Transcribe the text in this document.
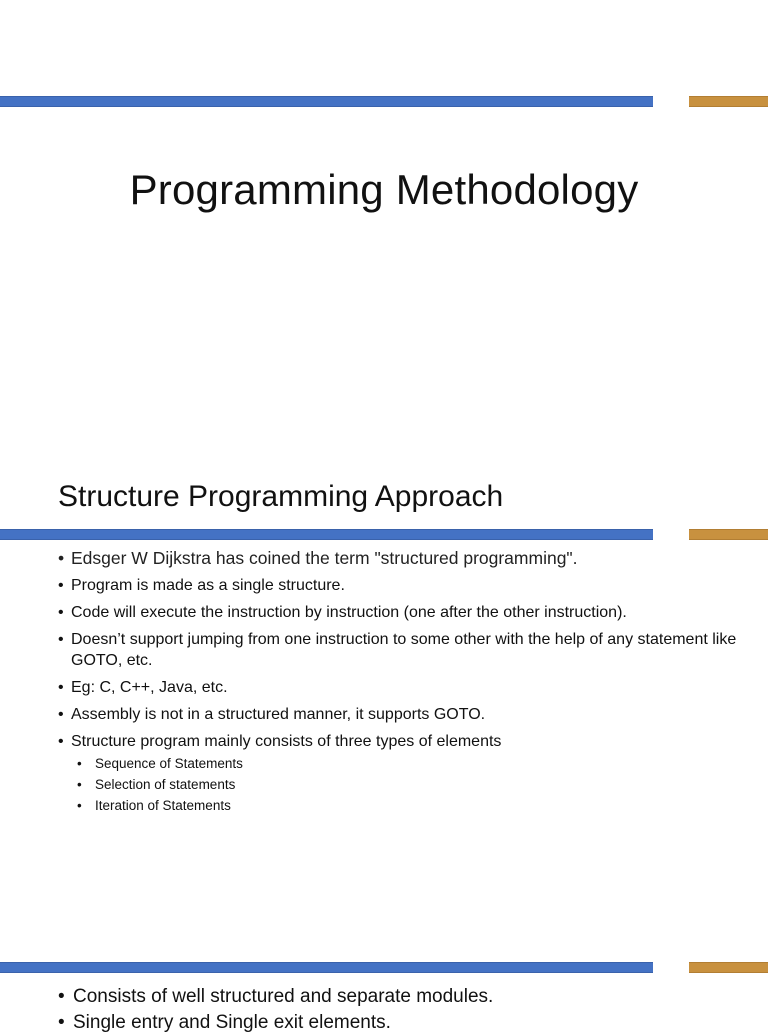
Programming Methodology
Structure Programming Approach
• Edsger W Dijkstra has coined the term "structured programming".
• Program is made as a single structure.
• Code will execute the instruction by instruction (one after the other instruction).
• Doesn’t support jumping from one instruction to some other with the help of any statement like GOTO, etc.
• Eg: C, C++, Java, etc.
• Assembly is not in a structured manner, it supports GOTO.
• Structure program mainly consists of three types of elements
• Sequence of Statements
• Selection of statements
• Iteration of Statements
• Consists of well structured and separate modules.
• Single entry and Single exit elements.
